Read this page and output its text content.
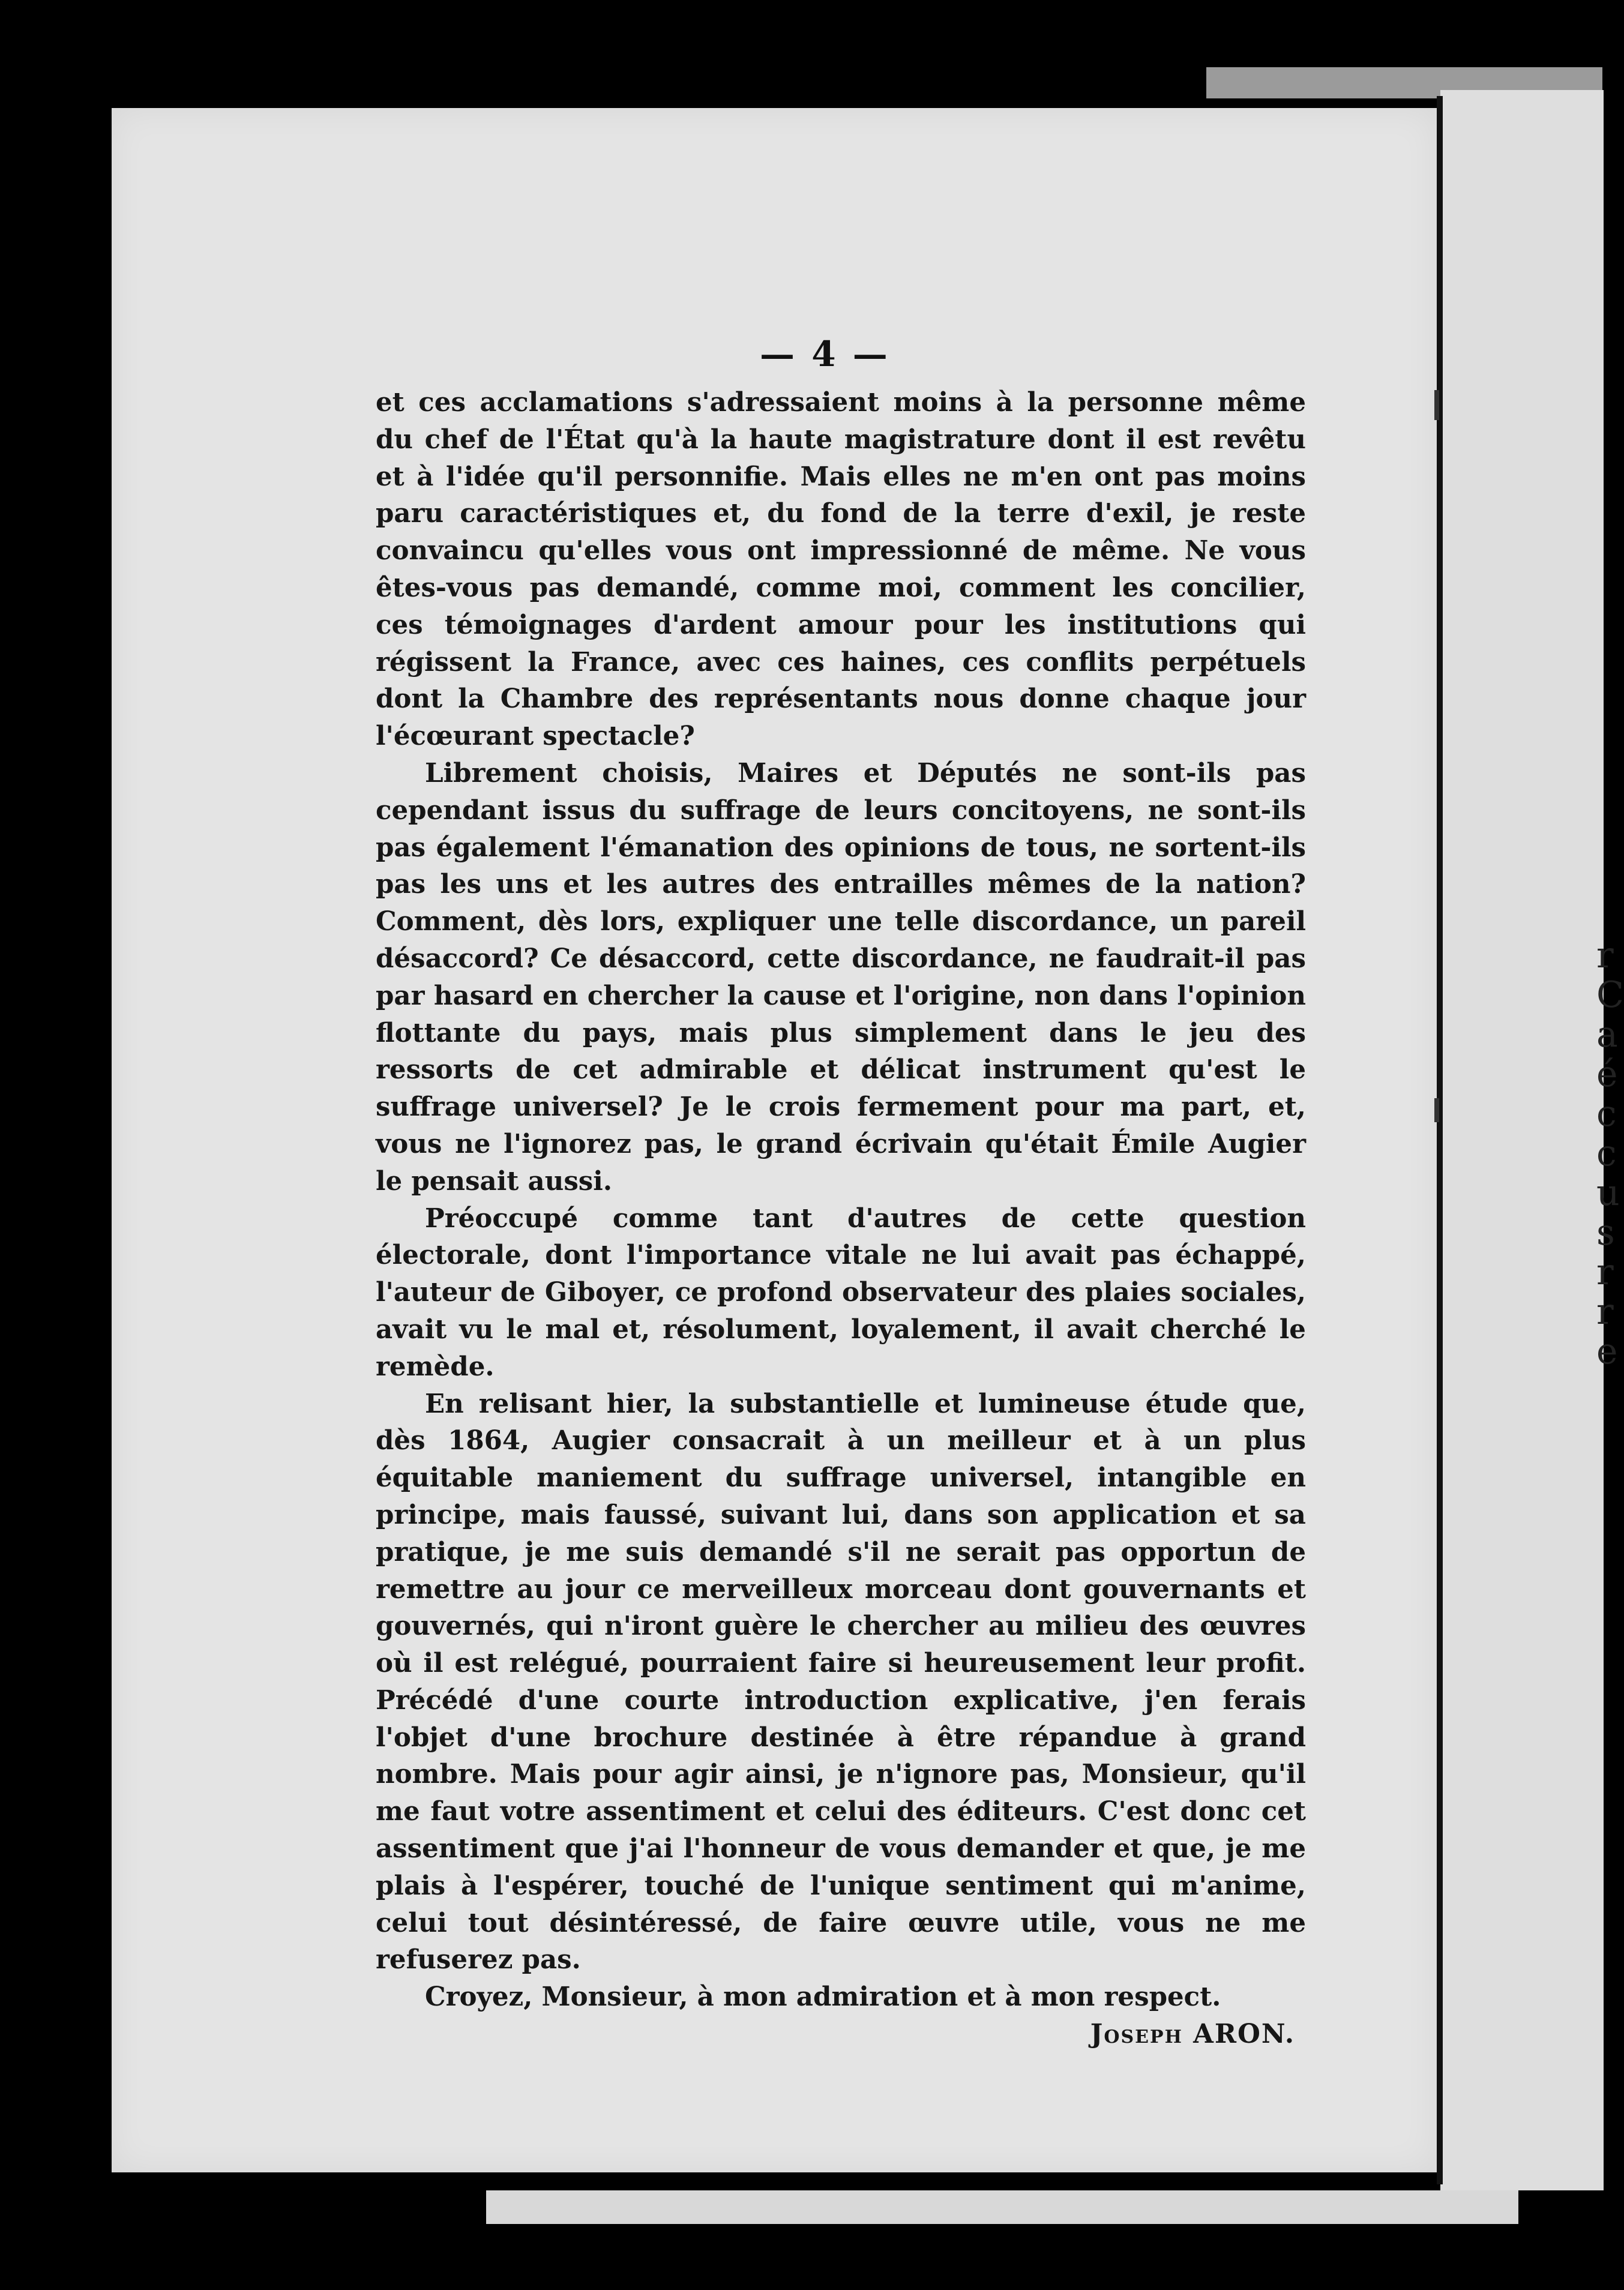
r
C
a
é
c
c
u
s
r
r
e
— 4 —

et ces acclamations s'adressaient moins à la personne même du chef de l'État qu'à la haute magistrature dont il est revêtu et à l'idée qu'il personnifie. Mais elles ne m'en ont pas moins paru caractéristiques et, du fond de la terre d'exil, je reste convaincu qu'elles vous ont impressionné de même. Ne vous êtes-vous pas demandé, comme moi, comment les concilier, ces témoignages d'ardent amour pour les institutions qui régissent la France, avec ces haines, ces conflits perpétuels dont la Chambre des représentants nous donne chaque jour l'écœurant spectacle?

Librement choisis, Maires et Députés ne sont-ils pas cependant issus du suffrage de leurs concitoyens, ne sont-ils pas également l'émanation des opinions de tous, ne sortent-ils pas les uns et les autres des entrailles mêmes de la nation? Comment, dès lors, expliquer une telle discordance, un pareil désaccord? Ce désaccord, cette discordance, ne faudrait-il pas par hasard en chercher la cause et l'origine, non dans l'opinion flottante du pays, mais plus simplement dans le jeu des ressorts de cet admirable et délicat instrument qu'est le suffrage universel? Je le crois fermement pour ma part, et, vous ne l'ignorez pas, le grand écrivain qu'était Émile Augier le pensait aussi.

Préoccupé comme tant d'autres de cette question électorale, dont l'importance vitale ne lui avait pas échappé, l'auteur de Giboyer, ce profond observateur des plaies sociales, avait vu le mal et, résolument, loyalement, il avait cherché le remède.

En relisant hier, la substantielle et lumineuse étude que, dès 1864, Augier consacrait à un meilleur et à un plus équitable maniement du suffrage universel, intangible en principe, mais faussé, suivant lui, dans son application et sa pratique, je me suis demandé s'il ne serait pas opportun de remettre au jour ce merveilleux morceau dont gouvernants et gouvernés, qui n'iront guère le chercher au milieu des œuvres où il est relégué, pourraient faire si heureusement leur profit. Précédé d'une courte introduction explicative, j'en ferais l'objet d'une brochure destinée à être répandue à grand nombre. Mais pour agir ainsi, je n'ignore pas, Monsieur, qu'il me faut votre assentiment et celui des éditeurs. C'est donc cet assentiment que j'ai l'honneur de vous demander et que, je me plais à l'espérer, touché de l'unique sentiment qui m'anime, celui tout désintéressé, de faire œuvre utile, vous ne me refuserez pas.

Croyez, Monsieur, à mon admiration et à mon respect.

Joseph ARON.
